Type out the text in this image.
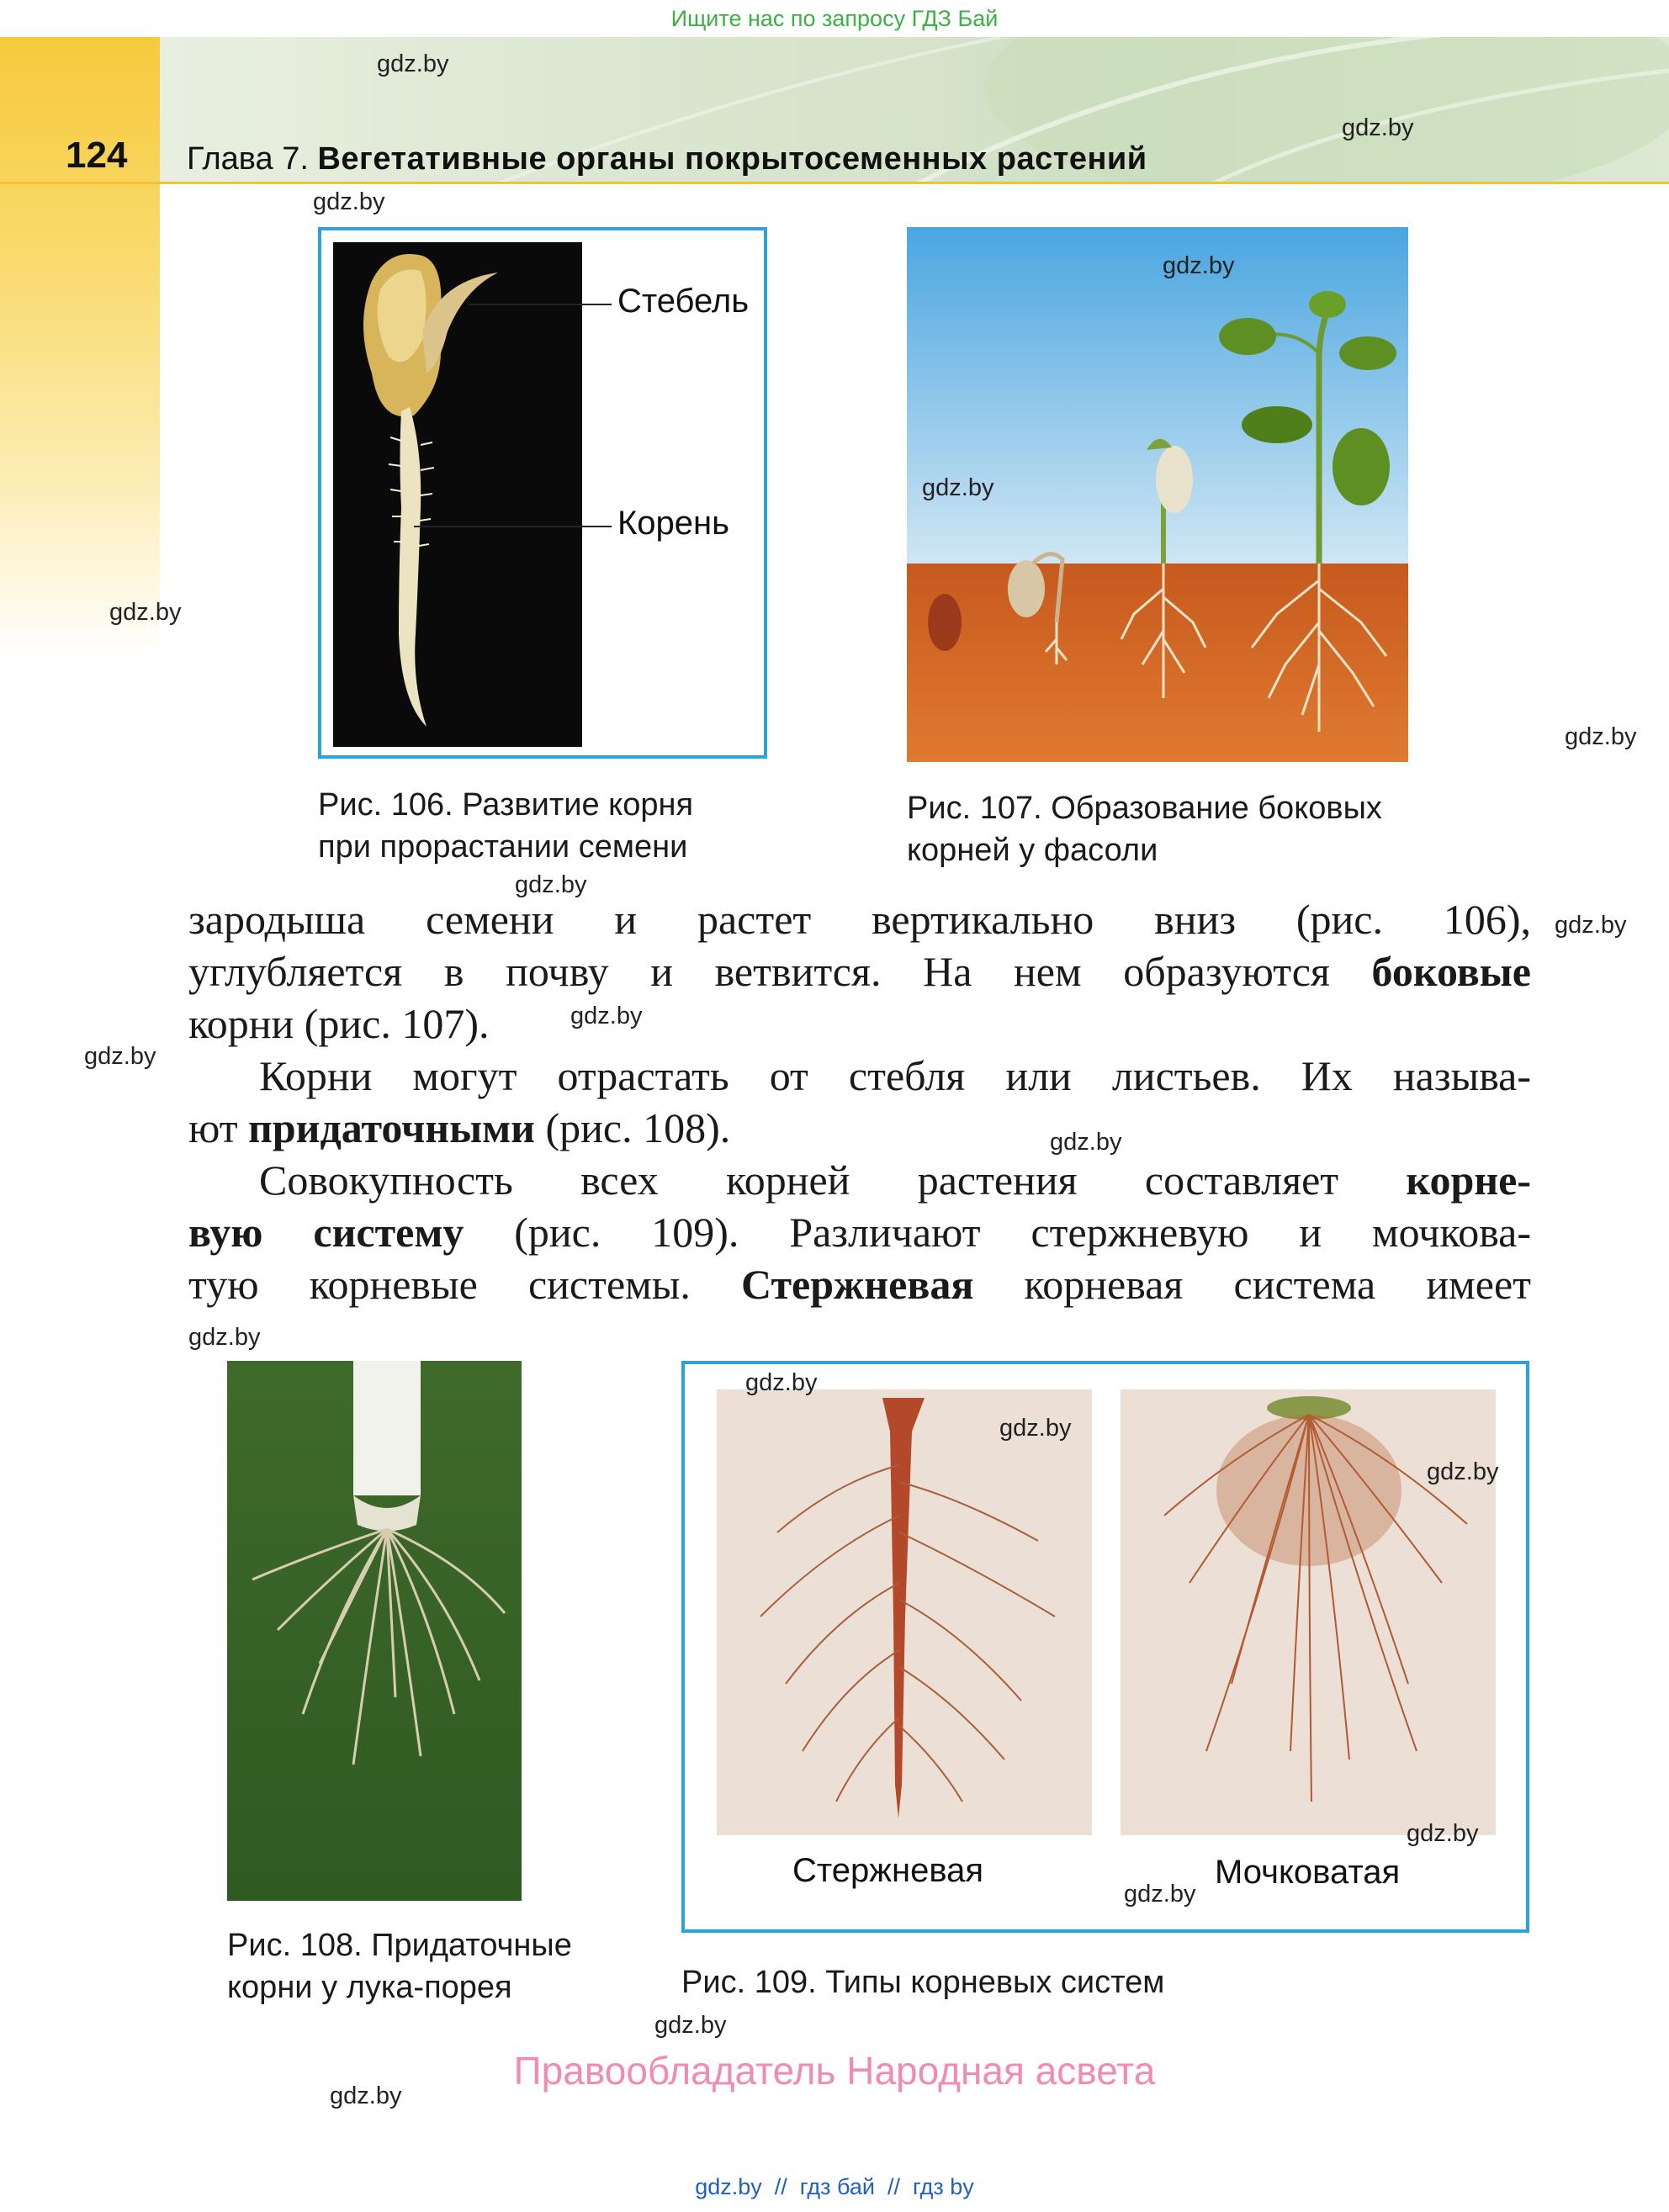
Ищите нас по запросу ГДЗ Бай
124 Глава 7. Вегетативные органы покрытосеменных растений
Стебель
Корень
Рис. 106. Развитие корня
при прорастании семени
Рис. 107. Образование боковых
корней у фасоли
зародыша семени и растет вертикально вниз (рис. 106),
углубляется в почву и ветвится. На нем образуются боковые
корни (рис. 107).
Корни могут отрастать от стебля или листьев. Их называ-
ют придаточными (рис. 108).
Совокупность всех корней растения составляет корне-
вую систему (рис. 109). Различают стержневую и мочкова-
тую корневые системы. Стержневая корневая система имеет
Рис. 108. Придаточные
корни у лука-порея
Стержневая	Мочковатая
Рис. 109. Типы корневых систем
gdz.by
gdz.by
gdz.by
gdz.by
gdz.by
gdz.by
gdz.by
gdz.by
gdz.by
gdz.by
gdz.by
gdz.by
gdz.by
gdz.by
gdz.by
gdz.by
gdz.by
gdz.by
gdz.by
gdz.by
Правообладатель Народная асвета
gdz.by  //  гдз бай  //  гдз by
